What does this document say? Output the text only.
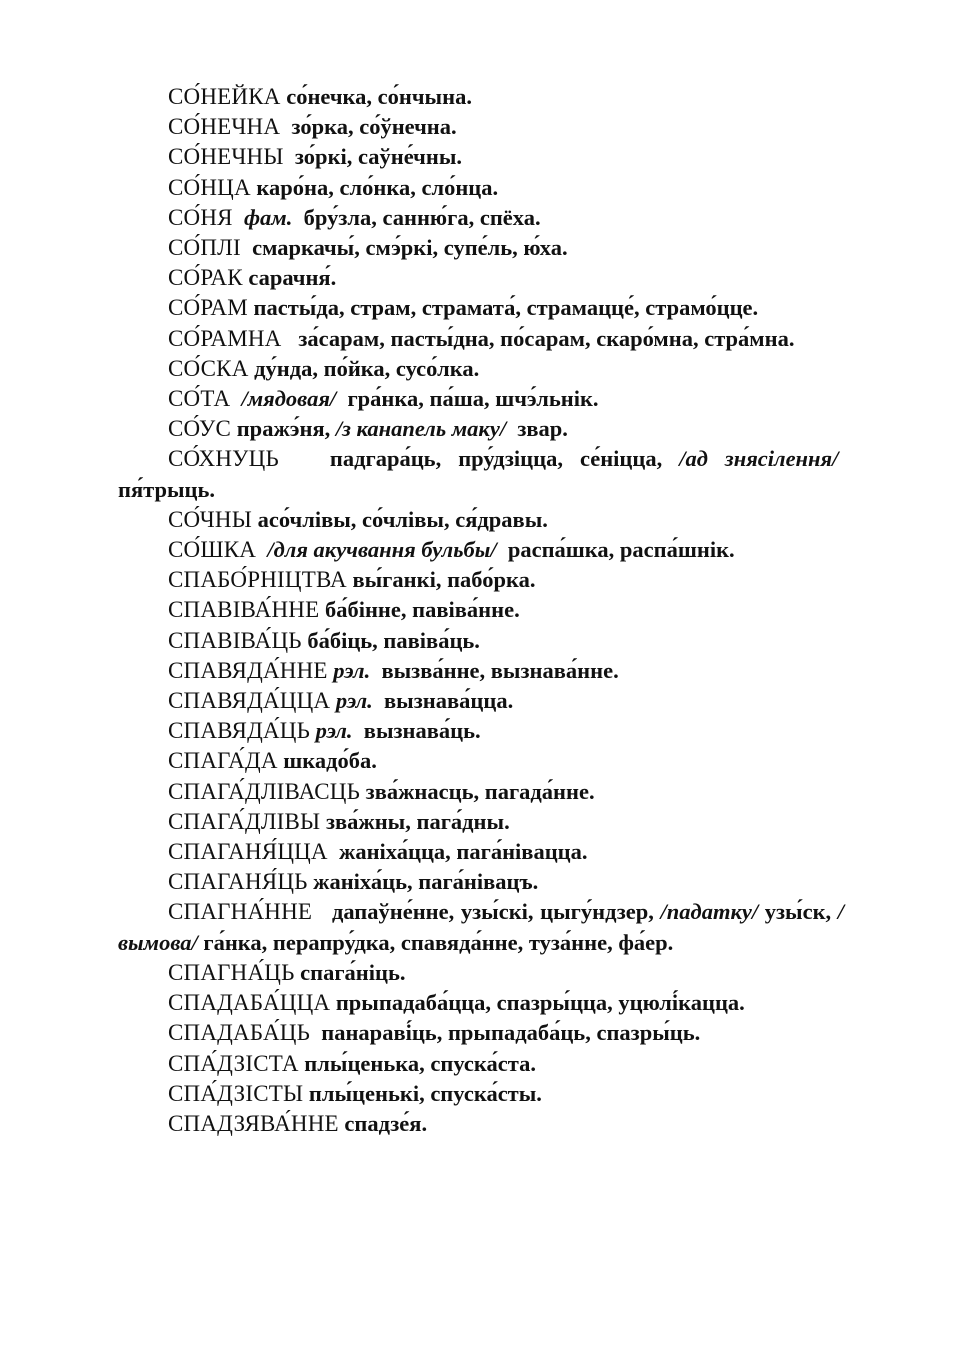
СО́НЕЙКА со́нечка, со́нчына.

СО́НЕЧНА зо́рка, со́ўнечна.

СО́НЕЧНЫ зо́ркі, саўне́чны.

СО́НЦА каро́на, сло́нка, сло́нца.

СО́НЯ фам. бру́зла, санню́га, спёха.

СО́ПЛІ смаркачы́, смэ́ркі, супе́ль, ю́ха.

СО́РАК сарачня́.

СО́РАМ пасты́да, страм, страмата́, страмацце́, страмо́цце.

СО́РАМНА за́сарам, пасты́дна, по́сарам, скаро́мна, стра́мна.

СО́СКА ду́нда, по́йка, сусо́лка.

СО́ТА /мядовая/ гра́нка, па́ша, шчэ́льнік.

СО́УС пражэ́ня, /з канапель маку/ звар.

СО́ХНУЦЬ падгара́ць, пру́дзіцца, се́ніцца, /ад знясілення/  пя́трыць.

СО́ЧНЫ асо́члівы, со́члівы, ся́дравы.

СО́ШКА /для акучвання бульбы/ распа́шка, распа́шнік.

СПАБО́РНІЦТВА вы́ганкі, пабо́рка.

СПАВІВА́ННЕ ба́бінне, павіва́нне.

СПАВІВА́ЦЬ ба́біць, павіва́ць.

СПАВЯДА́ННЕ рэл. вызва́нне, вызнава́нне.

СПАВЯДА́ЦЦА рэл. вызнава́цца.

СПАВЯДА́ЦЬ рэл. вызнава́ць.

СПАГА́ДА шкадо́ба.

СПАГА́ДЛІВАСЦЬ зва́жнасць, пагада́нне.

СПАГА́ДЛІВЫ зва́жны, пага́дны.

СПАГАНЯ́ЦЦА жаніха́цца, пага́нівацца.

СПАГАНЯ́ЦЬ жаніха́ць, пага́нівацъ.

СПАГНА́ННЕ дапаўне́нне, узы́скі, цыгу́ндзер, /падатку/ узы́ск, /вымова/ га́нка, перапру́дка, спавяда́нне, туза́нне, фа́ер.

СПАГНА́ЦЬ спага́ніць.

СПАДАБА́ЦЦА прыпадаба́цца, спазры́цца, уцюлі́кацца.

СПАДАБА́ЦЬ панараві́ць, прыпадаба́ць, спазры́ць.

СПА́ДЗІСТА плы́ценька, спуска́ста.

СПА́ДЗІСТЫ плы́ценькі, спуска́сты.

СПАДЗЯВА́ННЕ спадзе́я.
